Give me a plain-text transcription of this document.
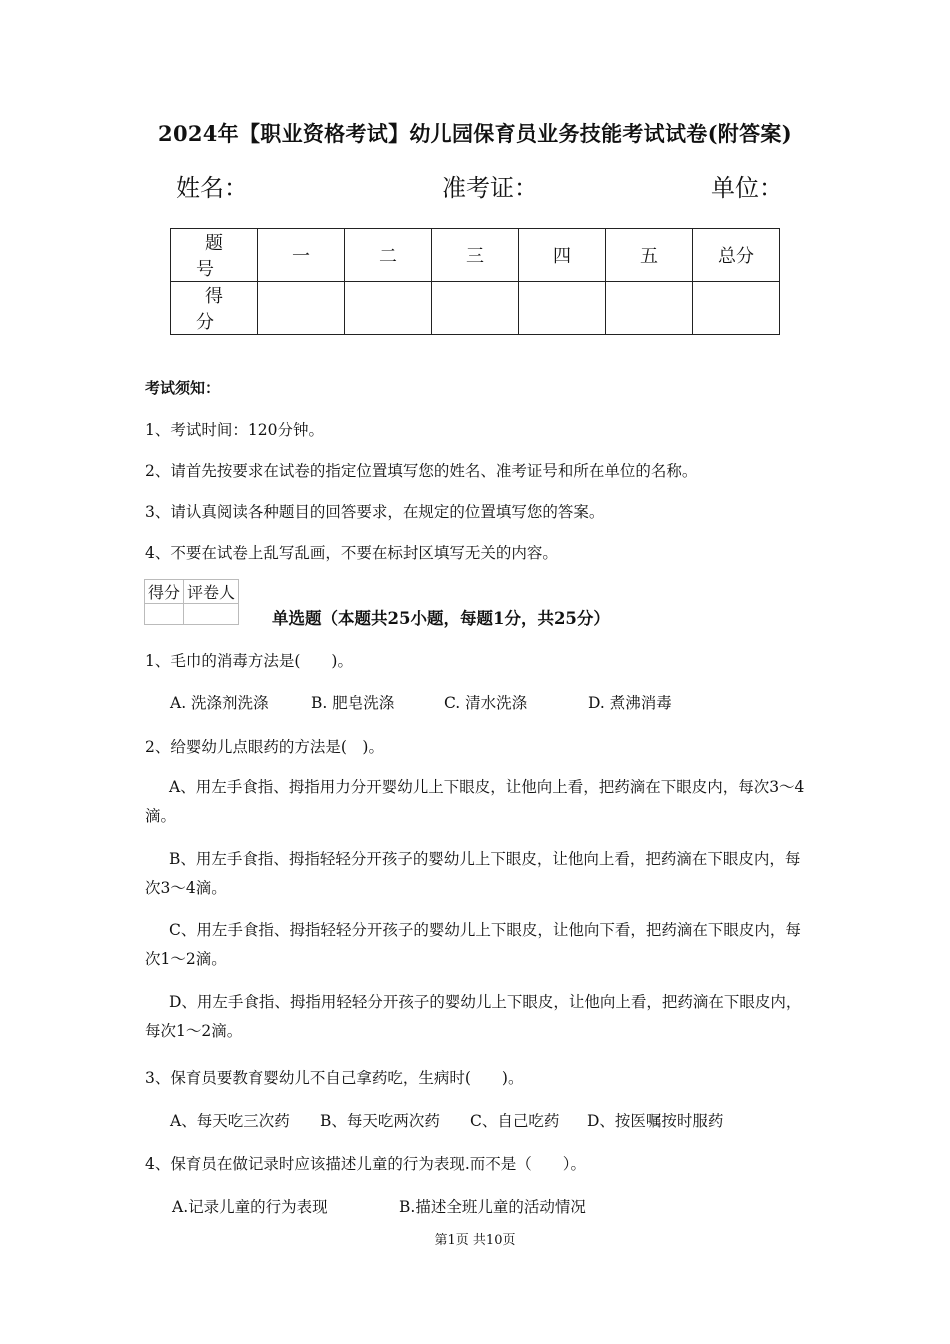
2024年【职业资格考试】幼儿园保育员业务技能考试试卷(附答案)
姓名：	准考证：	单位：
题号	一	二	三	四	五	总分
得分						
考试须知：
1、考试时间：120分钟。
2、请首先按要求在试卷的指定位置填写您的姓名、准考证号和所在单位的名称。
3、请认真阅读各种题目的回答要求，在规定的位置填写您的答案。
4、不要在试卷上乱写乱画，不要在标封区填写无关的内容。
得分	评卷人

单选题（本题共25小题，每题1分，共25分）
1、毛巾的消毒方法是(　　)。
A. 洗涤剂洗涤	B. 肥皂洗涤	C. 清水洗涤	D. 煮沸消毒
2、给婴幼儿点眼药的方法是(　)。
A、用左手食指、拇指用力分开婴幼儿上下眼皮，让他向上看，把药滴在下眼皮内，每次3～4滴。
B、用左手食指、拇指轻轻分开孩子的婴幼儿上下眼皮，让他向上看，把药滴在下眼皮内，每次3～4滴。
C、用左手食指、拇指轻轻分开孩子的婴幼儿上下眼皮，让他向下看，把药滴在下眼皮内，每次1～2滴。
D、用左手食指、拇指用轻轻分开孩子的婴幼儿上下眼皮，让他向上看，把药滴在下眼皮内，每次1～2滴。
3、保育员要教育婴幼儿不自己拿药吃，生病时(　　)。
A、每天吃三次药 B、每天吃两次药 C、自己吃药 D、按医嘱按时服药
4、保育员在做记录时应该描述儿童的行为表现.而不是（　　）。
A.记录儿童的行为表现	B.描述全班儿童的活动情况
第1页 共10页
